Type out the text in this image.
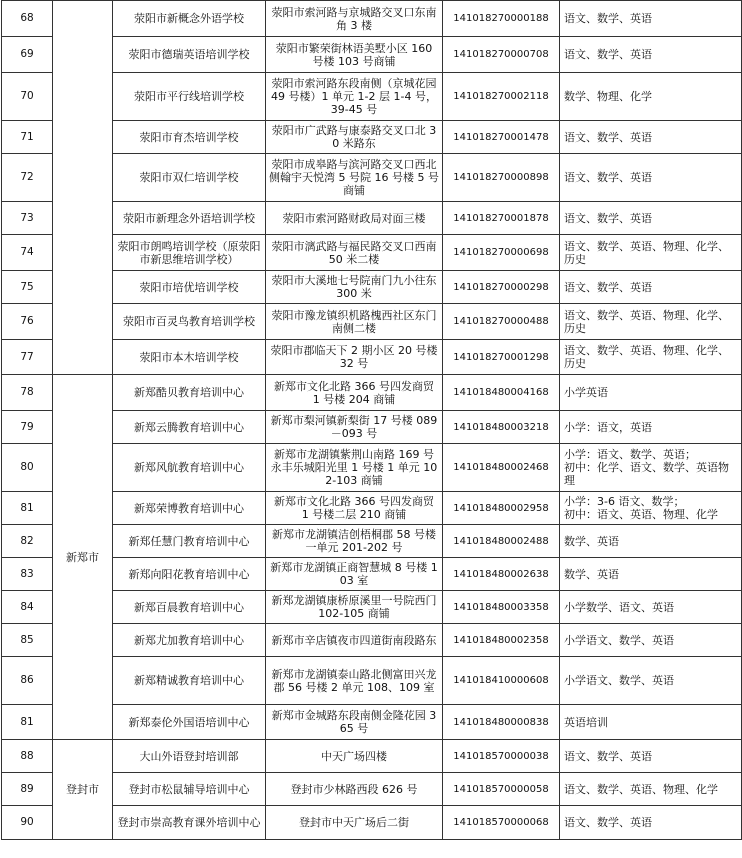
68		荥阳市新概念外语学校	荥阳市索河路与京城路交叉口东南角 3 楼	141018270000188	语文、数学、英语
69		荥阳市德瑞英语培训学校	荥阳市繁荣街林语美墅小区 160 号楼 103 号商铺	141018270000708	语文、数学、英语
70		荥阳市平行线培训学校	荥阳市索河路东段南侧（京城花园 49 号楼）1 单元 1-2 层 1-4 号，39-45 号	141018270002118	数学、物理、化学
71		荥阳市育杰培训学校	荥阳市广武路与康泰路交叉口北 30 米路东	141018270001478	语文、数学、英语
72		荥阳市双仁培训学校	荥阳市成皋路与滨河路交叉口西北侧翰宇天悦湾 5 号院 16 号楼 5 号商铺	141018270000898	语文、数学、英语
73		荥阳市新理念外语培训学校	荥阳市索河路财政局对面三楼	141018270001878	语文、数学、英语
74		荥阳市朗鸣培训学校（原荥阳市新思维培训学校）	荥阳市漓武路与福民路交叉口西南 50 米二楼	141018270000698	语文、数学、英语、物理、化学、历史
75		荥阳市培优培训学校	荥阳市大溪地七号院南门九小往东 300 米	141018270000298	语文、数学、英语
76		荥阳市百灵鸟教育培训学校	荥阳市豫龙镇织机路槐西社区东门南侧二楼	141018270000488	语文、数学、英语、物理、化学、历史
77		荥阳市本木培训学校	荥阳市郡临天下 2 期小区 20 号楼 32 号	141018270001298	语文、数学、英语、物理、化学、历史
78	新郑市	新郑酷贝教育培训中心	新郑市文化北路 366 号四发商贸 1 号楼 204 商铺	141018480004168	小学英语
79		新郑云腾教育培训中心	新郑市梨河镇新梨街 17 号楼 089－093 号	141018480003218	小学：语文，英语
80		新郑风航教育培训中心	新郑市龙湖镇紫荆山南路 169 号永丰乐城阳光里 1 号楼 1 单元 102-103 商铺	141018480002468	小学：语文、数学、英语；
初中：化学、语文、数学、英语物理
81		新郑荣博教育培训中心	新郑市文化北路 366 号四发商贸 1 号楼二层 210 商铺	141018480002958	小学：3-6 语文、数学；
初中：语文、英语、物理、化学
82		新郑任慧门教育培训中心	新郑市龙湖镇洁创梧桐郡 58 号楼一单元 201-202 号	141018480002488	数学、英语
83		新郑向阳花教育培训中心	新郑市龙湖镇正商智慧城 8 号楼 103 室	141018480002638	数学、英语
84		新郑百晨教育培训中心	新郑龙湖镇康桥原溪里一号院西门 102-105 商铺	141018480003358	小学数学、语文、英语
85		新郑尤加教育培训中心	新郑市辛店镇夜市四道街南段路东	141018480002358	小学语文、数学、英语
86		新郑精诚教育培训中心	新郑市龙湖镇泰山路北侧富田兴龙郡 56 号楼 2 单元 108、109 室	141018410000608	小学语文、数学、英语
81		新郑泰伦外国语培训中心	新郑市金城路东段南侧金隆花园 365 号	141018480000838	英语培训
88	登封市	大山外语登封培训部	中天广场四楼	141018570000038	语文、数学、英语
89		登封市松鼠辅导培训中心	登封市少林路西段 626 号	141018570000058	语文、数学、英语、物理、化学
90		登封市崇高教育课外培训中心	登封市中天广场后二街	141018570000068	语文、数学、英语
